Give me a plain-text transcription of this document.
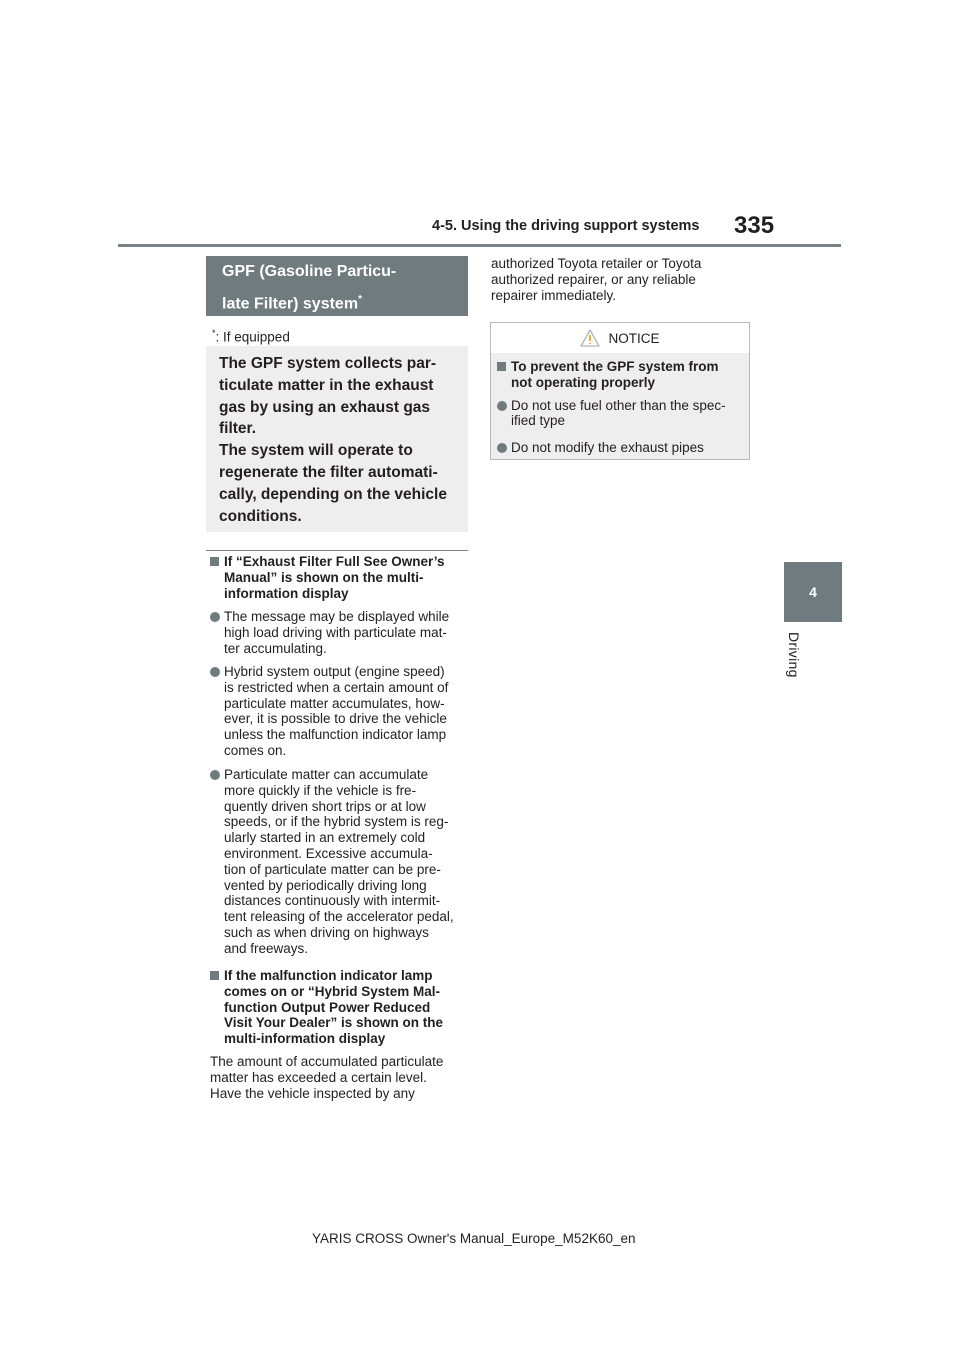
4-5. Using the driving support systems 335
4
Driving
GPF (Gasoline Particu-
late Filter) system*
*: If equipped

The GPF system collects par-

ticulate matter in the exhaust

gas by using an exhaust gas

filter.

The system will operate to

regenerate the filter automati-

cally, depending on the vehicle

conditions.

If “Exhaust Filter Full See Owner’s
Manual” is shown on the multi-
information display
The message may be displayed while
high load driving with particulate mat-
ter accumulating.
Hybrid system output (engine speed)
is restricted when a certain amount of
particulate matter accumulates, how-
ever, it is possible to drive the vehicle
unless the malfunction indicator lamp
comes on.
Particulate matter can accumulate
more quickly if the vehicle is fre-
quently driven short trips or at low
speeds, or if the hybrid system is reg-
ularly started in an extremely cold
environment. Excessive accumula-
tion of particulate matter can be pre-
vented by periodically driving long
distances continuously with intermit-
tent releasing of the accelerator pedal,
such as when driving on highways
and freeways.
If the malfunction indicator lamp
comes on or “Hybrid System Mal-
function Output Power Reduced
Visit Your Dealer” is shown on the
multi-information display
The amount of accumulated particulate
matter has exceeded a certain level.
Have the vehicle inspected by any
authorized Toyota retailer or Toyota
authorized repairer, or any reliable
repairer immediately.
NOTICE
To prevent the GPF system from
not operating properly
Do not use fuel other than the spec-
ified type
Do not modify the exhaust pipes
YARIS CROSS Owner's Manual_Europe_M52K60_en
